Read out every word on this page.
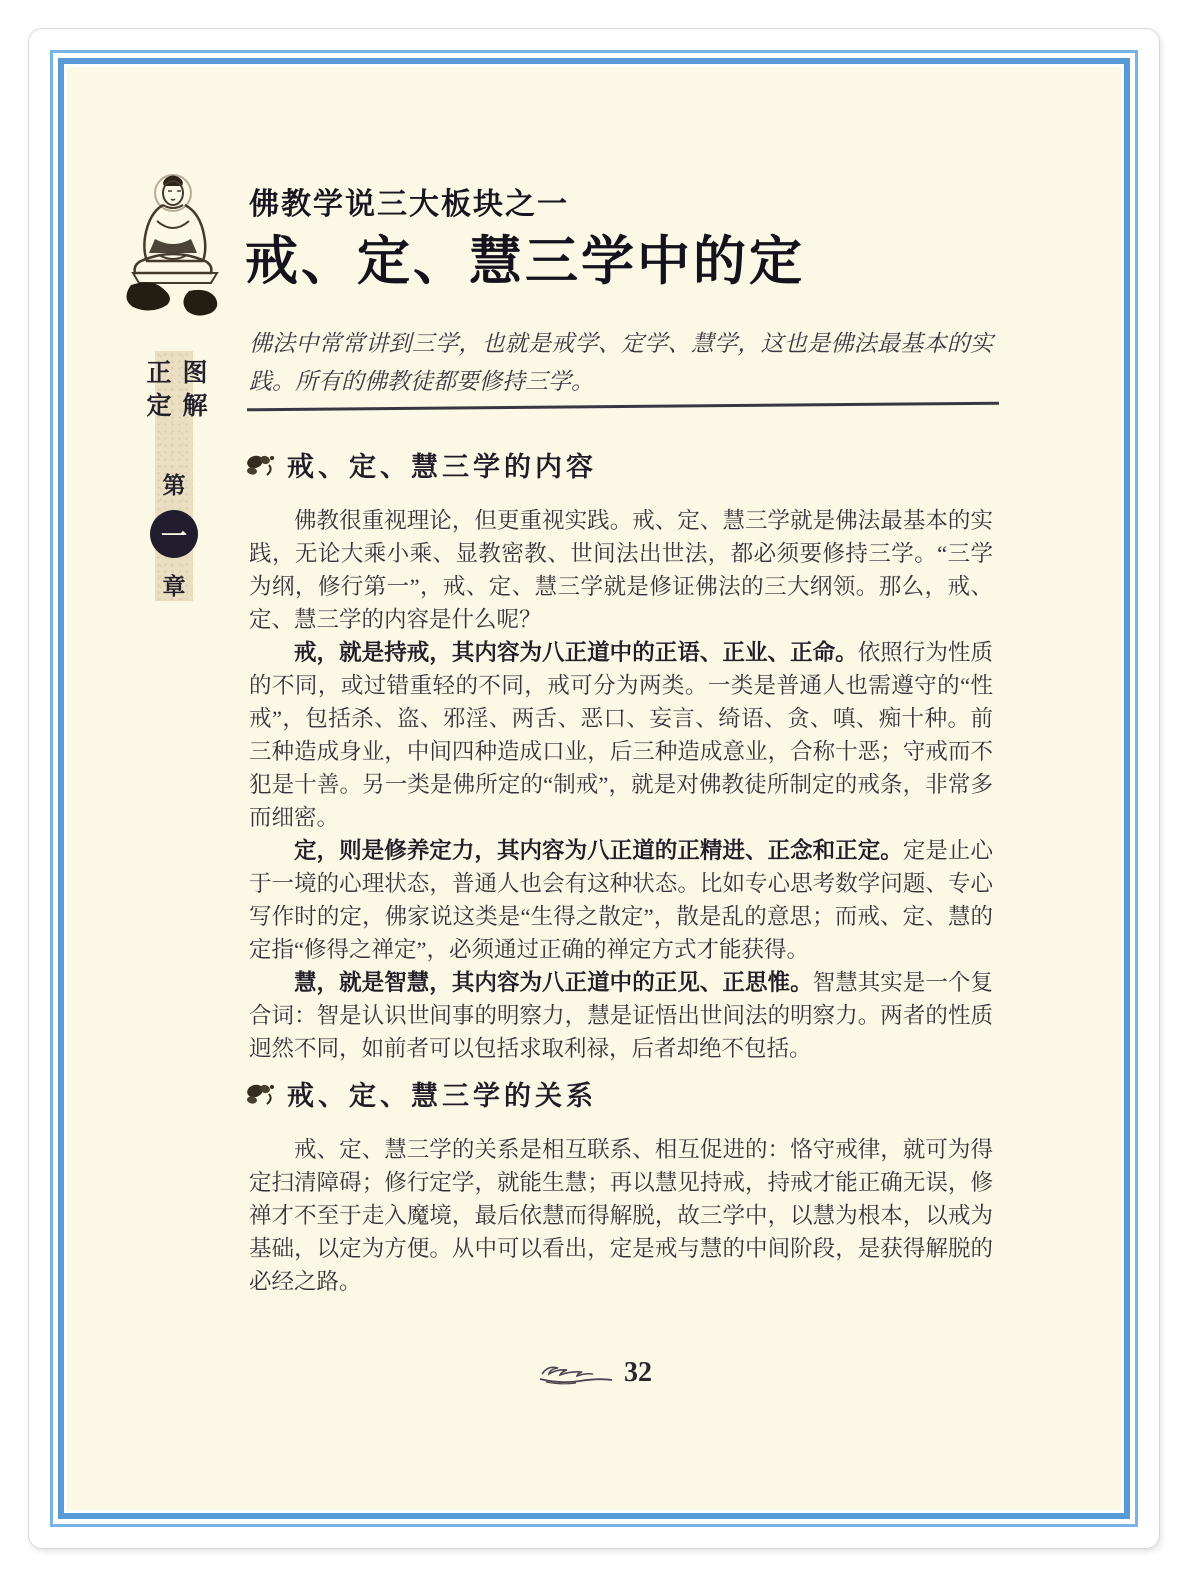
图解正定
第
一
章
佛教学说三大板块之一
戒、定、慧三学中的定
佛法中常常讲到三学，也就是戒学、定学、慧学，这也是佛法最基本的实践。所有的佛教徒都要修持三学。
戒、定、慧三学的内容

佛教很重视理论，但更重视实践。戒、定、慧三学就是佛法最基本的实践，无论大乘小乘、显教密教、世间法出世法，都必须要修持三学。“三学为纲，修行第一”，戒、定、慧三学就是修证佛法的三大纲领。那么，戒、定、慧三学的内容是什么呢？

戒，就是持戒，其内容为八正道中的正语、正业、正命。依照行为性质的不同，或过错重轻的不同，戒可分为两类。一类是普通人也需遵守的“性戒”，包括杀、盗、邪淫、两舌、恶口、妄言、绮语、贪、嗔、痴十种。前三种造成身业，中间四种造成口业，后三种造成意业，合称十恶；守戒而不犯是十善。另一类是佛所定的“制戒”，就是对佛教徒所制定的戒条，非常多而细密。

定，则是修养定力，其内容为八正道的正精进、正念和正定。定是止心于一境的心理状态，普通人也会有这种状态。比如专心思考数学问题、专心写作时的定，佛家说这类是“生得之散定”，散是乱的意思；而戒、定、慧的定指“修得之禅定”，必须通过正确的禅定方式才能获得。

慧，就是智慧，其内容为八正道中的正见、正思惟。智慧其实是一个复合词：智是认识世间事的明察力，慧是证悟出世间法的明察力。两者的性质迥然不同，如前者可以包括求取利禄，后者却绝不包括。

戒、定、慧三学的关系

戒、定、慧三学的关系是相互联系、相互促进的：恪守戒律，就可为得定扫清障碍；修行定学，就能生慧；再以慧见持戒，持戒才能正确无误，修禅才不至于走入魔境，最后依慧而得解脱，故三学中，以慧为根本，以戒为基础，以定为方便。从中可以看出，定是戒与慧的中间阶段，是获得解脱的必经之路。

32
